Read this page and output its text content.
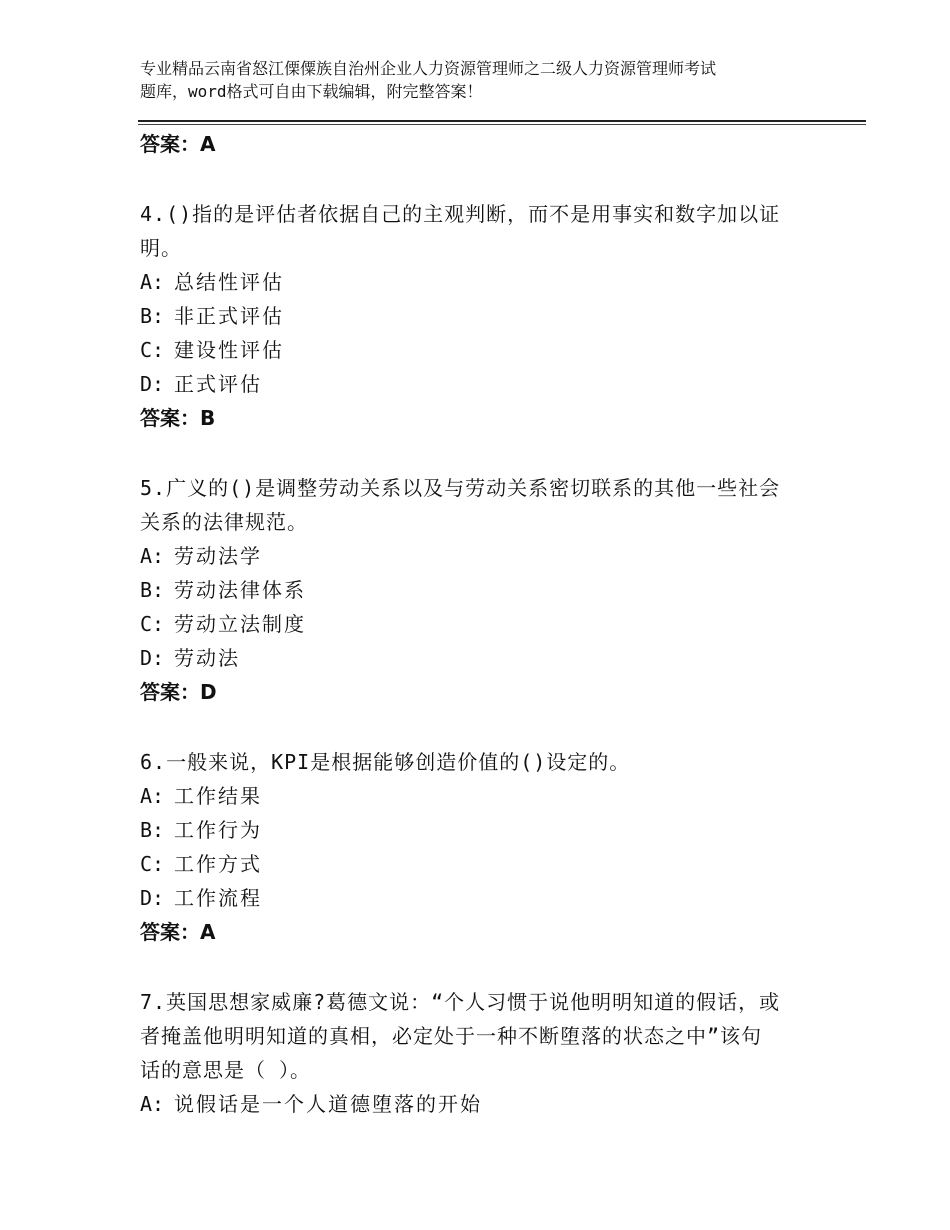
专业精品云南省怒江傈僳族自治州企业人力资源管理师之二级人力资源管理师考试
题库，word格式可自由下载编辑，附完整答案！
答案：A
4.()指的是评估者依据自己的主观判断，而不是用事实和数字加以证
明。
A: 总结性评估
B: 非正式评估
C: 建设性评估
D: 正式评估
答案：B
5.广义的()是调整劳动关系以及与劳动关系密切联系的其他一些社会
关系的法律规范。
A: 劳动法学
B: 劳动法律体系
C: 劳动立法制度
D: 劳动法
答案：D
6.一般来说，KPI是根据能够创造价值的()设定的。
A: 工作结果
B: 工作行为
C: 工作方式
D: 工作流程
答案：A
7.英国思想家威廉?葛德文说：“个人习惯于说他明明知道的假话，或
者掩盖他明明知道的真相，必定处于一种不断堕落的状态之中”该句
话的意思是（ ）。
A: 说假话是一个人道德堕落的开始
